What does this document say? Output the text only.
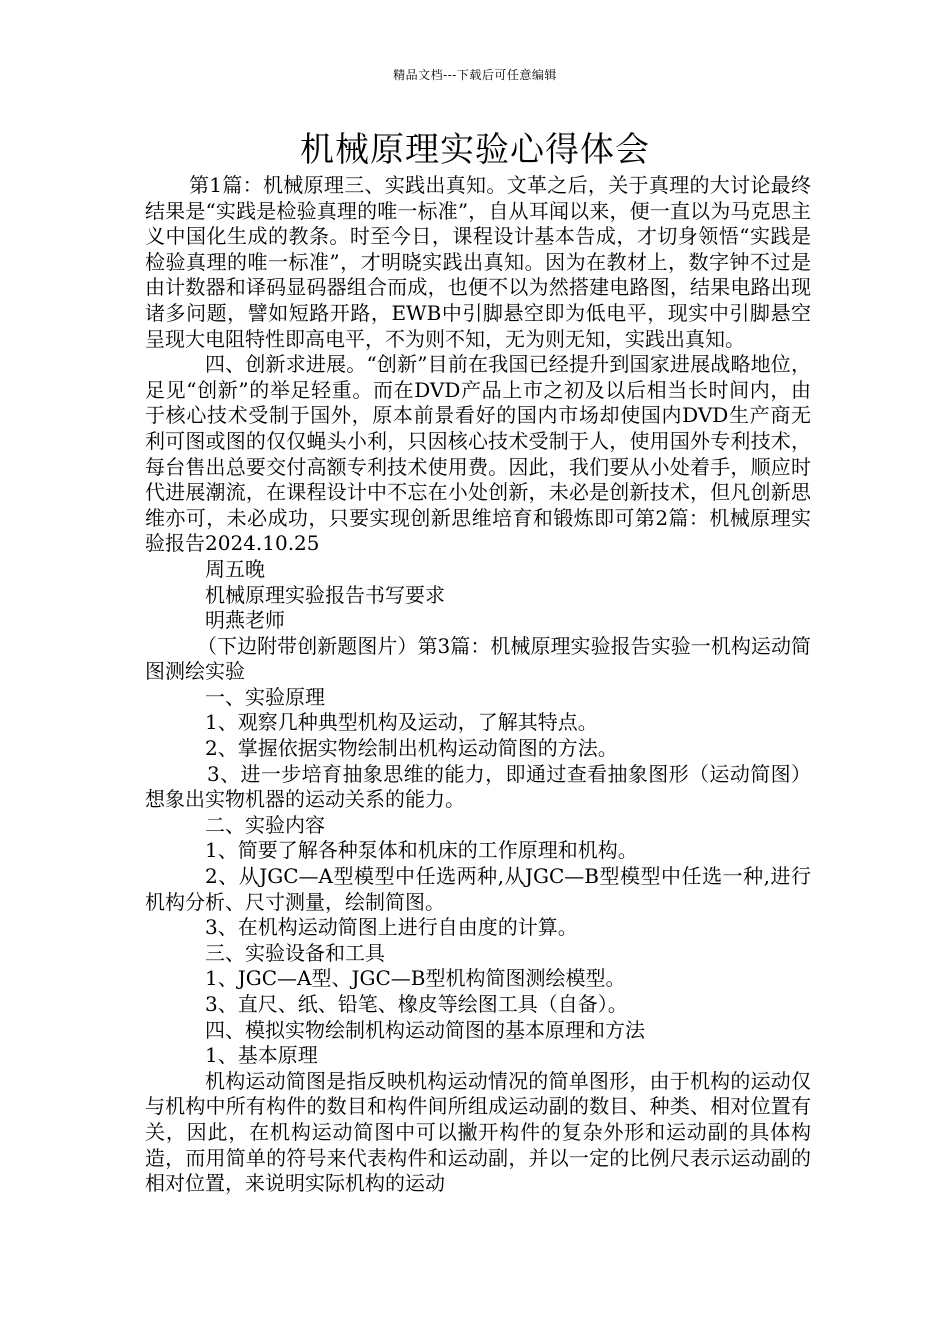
精品文档---下载后可任意编辑
机械原理实验心得体会

第1篇：机械原理三、实践出真知。文革之后，关于真理的大讨论最终结果是“实践是检验真理的唯一标准”，自从耳闻以来，便一直以为马克思主义中国化生成的教条。时至今日，课程设计基本告成，才切身领悟“实践是检验真理的唯一标准”，才明晓实践出真知。因为在教材上，数字钟不过是由计数器和译码显码器组合而成，也便不以为然搭建电路图，结果电路出现诸多问题，譬如短路开路，EWB中引脚悬空即为低电平，现实中引脚悬空呈现大电阻特性即高电平，不为则不知，无为则无知，实践出真知。

四、创新求进展。“创新”目前在我国已经提升到国家进展战略地位，足见“创新”的举足轻重。而在DVD产品上市之初及以后相当长时间内，由于核心技术受制于国外，原本前景看好的国内市场却使国内DVD生产商无利可图或图的仅仅蝇头小利，只因核心技术受制于人，使用国外专利技术，每台售出总要交付高额专利技术使用费。因此，我们要从小处着手，顺应时代进展潮流，在课程设计中不忘在小处创新，未必是创新技术，但凡创新思维亦可，未必成功，只要实现创新思维培育和锻炼即可第2篇：机械原理实验报告2024.10.25

周五晚

机械原理实验报告书写要求

明燕老师

（下边附带创新题图片）第3篇：机械原理实验报告实验一机构运动简图测绘实验

一、实验原理

1、观察几种典型机构及运动，了解其特点。

2、掌握依据实物绘制出机构运动简图的方法。

3、进一步培育抽象思维的能力，即通过查看抽象图形（运动简图）想象出实物机器的运动关系的能力。

二、实验内容

1、简要了解各种泵体和机床的工作原理和机构。

2、从JGC—A型模型中任选两种,从JGC—B型模型中任选一种,进行机构分析、尺寸测量，绘制简图。

3、在机构运动简图上进行自由度的计算。

三、实验设备和工具

1、JGC—A型、JGC—B型机构简图测绘模型。

3、直尺、纸、铅笔、橡皮等绘图工具（自备）。

四、模拟实物绘制机构运动简图的基本原理和方法

1、基本原理

机构运动简图是指反映机构运动情况的简单图形，由于机构的运动仅与机构中所有构件的数目和构件间所组成运动副的数目、种类、相对位置有关，因此，在机构运动简图中可以撇开构件的复杂外形和运动副的具体构造，而用简单的符号来代表构件和运动副，并以一定的比例尺表示运动副的相对位置，来说明实际机构的运动
